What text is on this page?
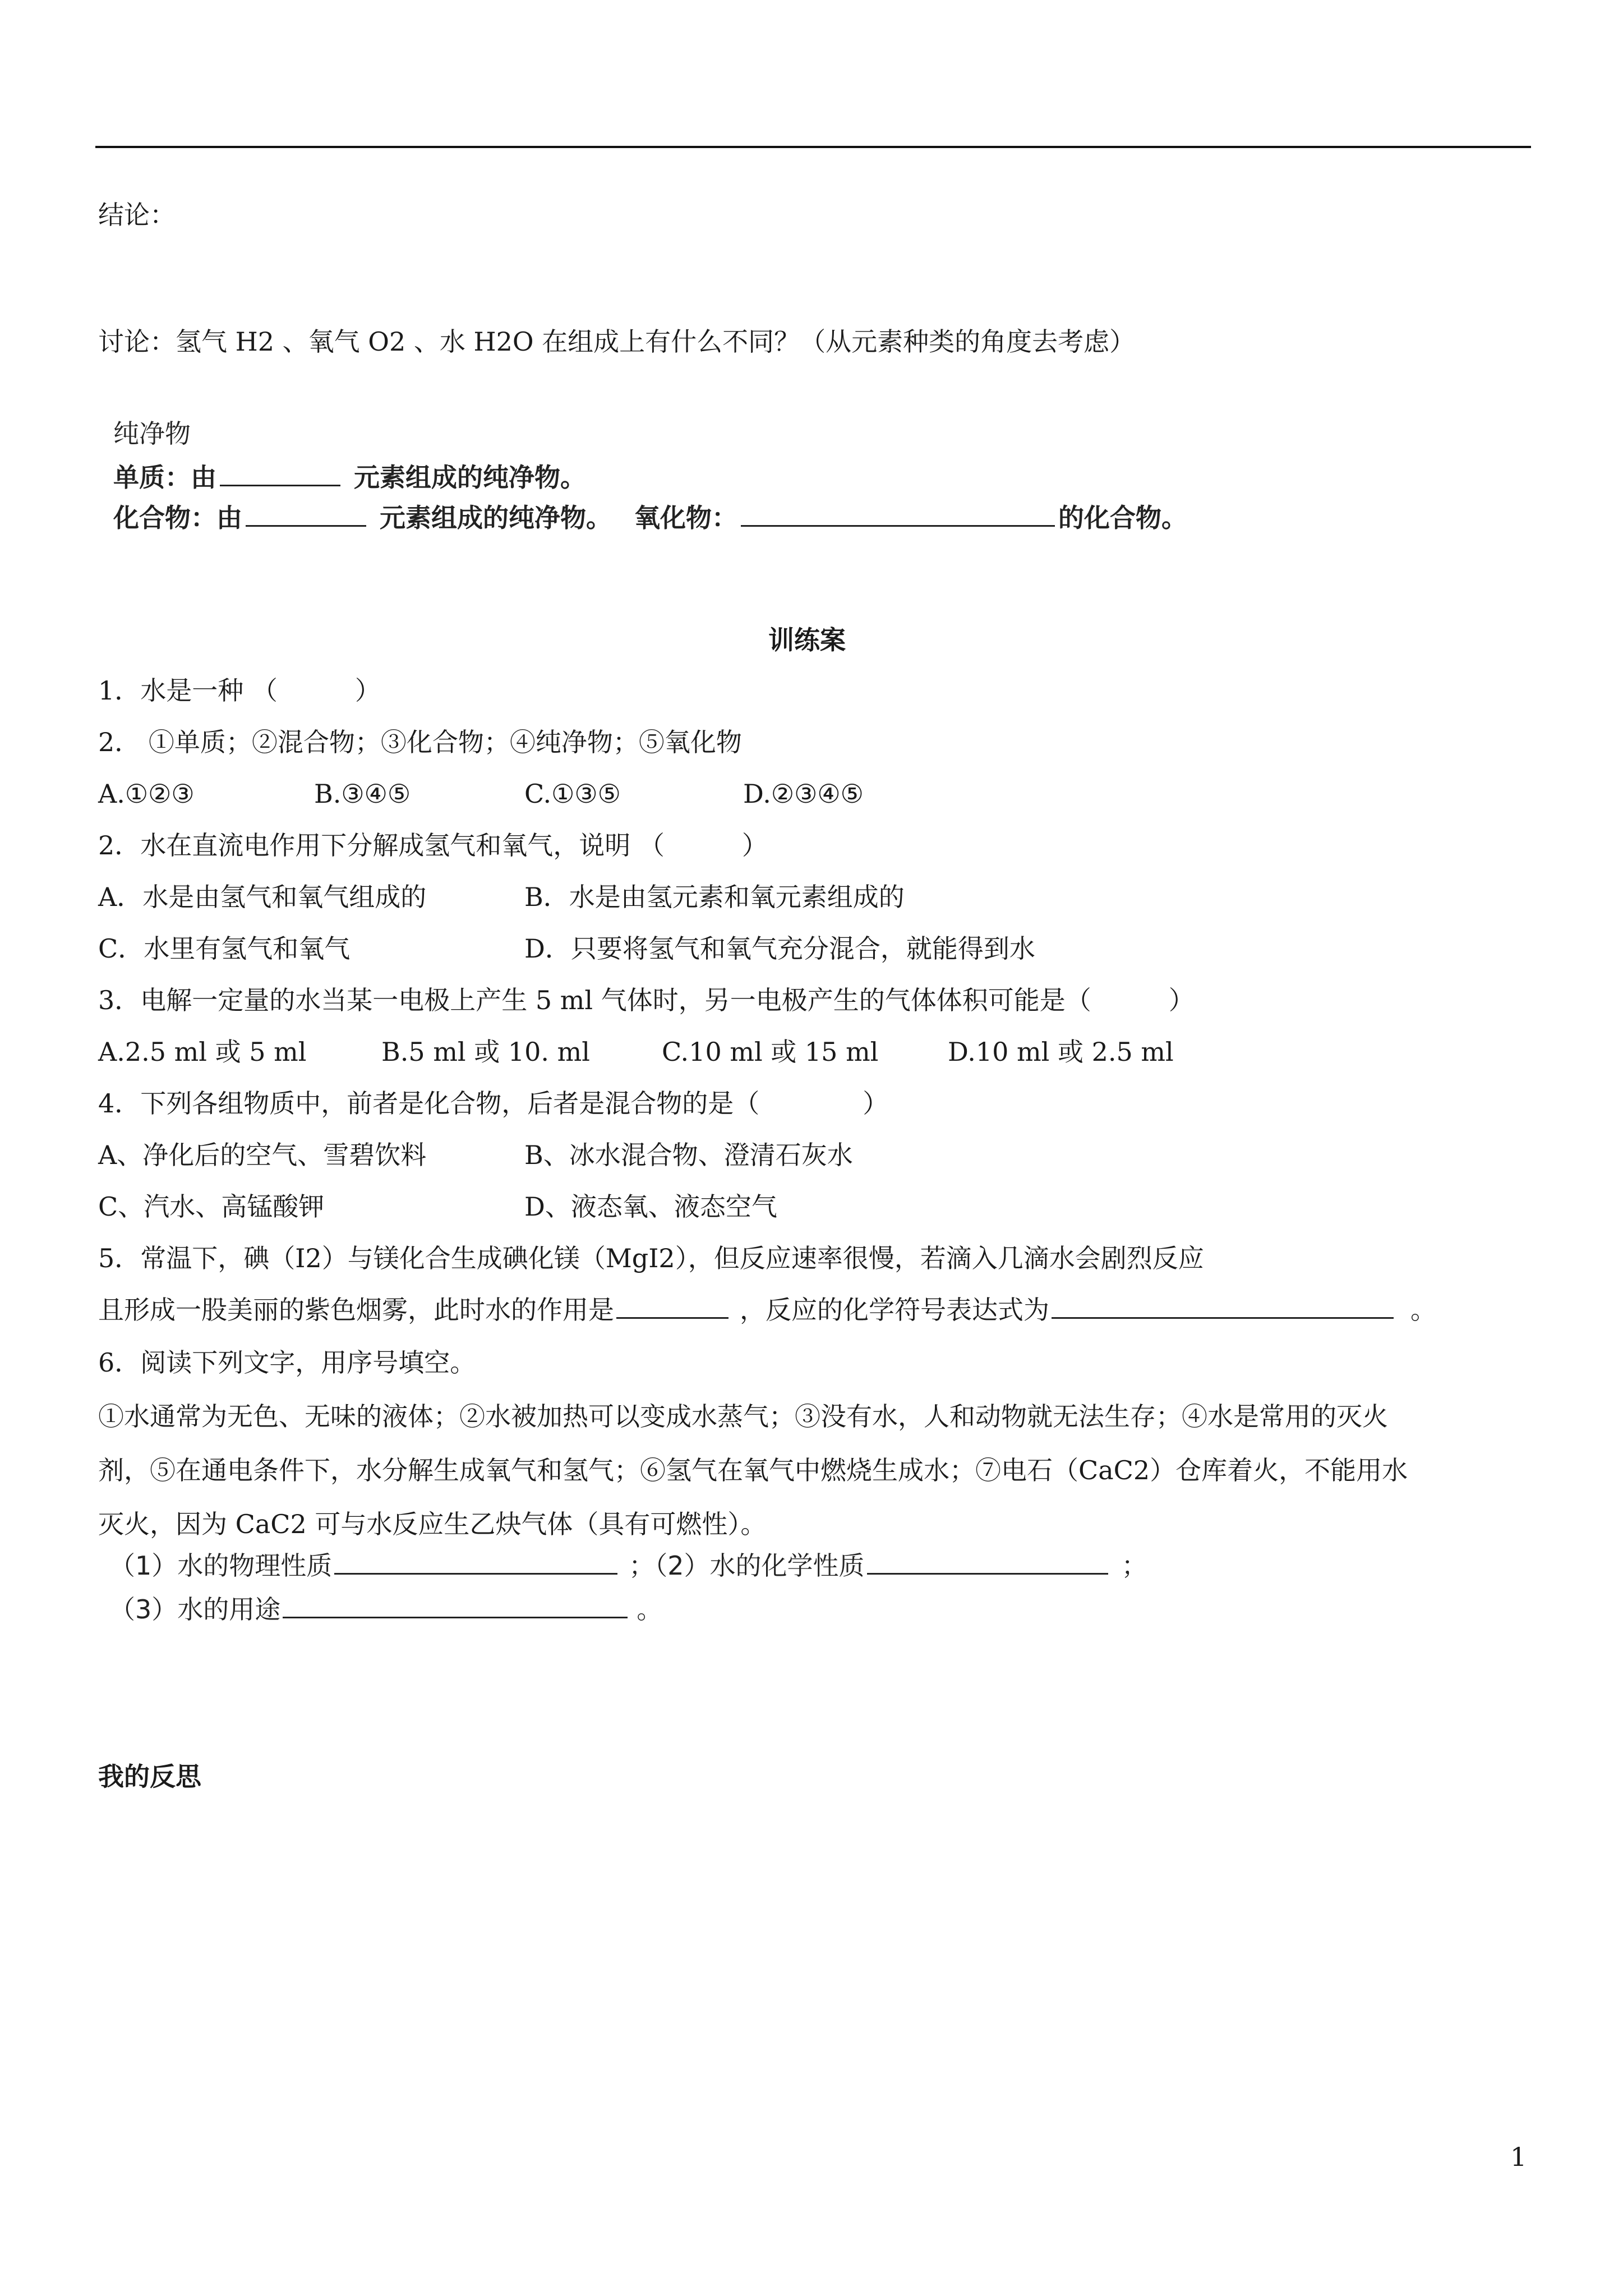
结论：
讨论：氢气 H2 、氧气 O2 、水 H2O 在组成上有什么不同？（从元素种类的角度去考虑）
纯净物
单质：由	元素组成的纯净物。
化合物：由	元素组成的纯净物。 氧化物：	的化合物。
训练案
1．水是一种 （　　　）
2． ①单质；②混合物；③化合物；④纯净物；⑤氧化物
A.①②③	B.③④⑤	C.①③⑤	D.②③④⑤
2．水在直流电作用下分解成氢气和氧气，说明 （　　　）
A．水是由氢气和氧气组成的	B．水是由氢元素和氧元素组成的
C．水里有氢气和氧气	D．只要将氢气和氧气充分混合，就能得到水
3．电解一定量的水当某一电极上产生 5 ml 气体时，另一电极产生的气体体积可能是（　　　）
A.2.5 ml 或 5 ml	B.5 ml 或 10. ml	C.10 ml 或 15 ml	D.10 ml 或 2.5 ml
4．下列各组物质中，前者是化合物，后者是混合物的是（　　　　）
A、净化后的空气、雪碧饮料	B、冰水混合物、澄清石灰水
C、汽水、高锰酸钾	D、液态氧、液态空气
5．常温下，碘（I2）与镁化合生成碘化镁（MgI2），但反应速率很慢，若滴入几滴水会剧烈反应
且形成一股美丽的紫色烟雾，此时水的作用是	，反应的化学符号表达式为	。
6．阅读下列文字，用序号填空。
①水通常为无色、无味的液体；②水被加热可以变成水蒸气；③没有水，人和动物就无法生存；④水是常用的灭火
剂，⑤在通电条件下，水分解生成氧气和氢气；⑥氢气在氧气中燃烧生成水；⑦电石（CaC2）仓库着火，不能用水
灭火，因为 CaC2 可与水反应生乙炔气体（具有可燃性）。
（1）水的物理性质	；（2）水的化学性质	；
（3）水的用途	。
我的反思
1
